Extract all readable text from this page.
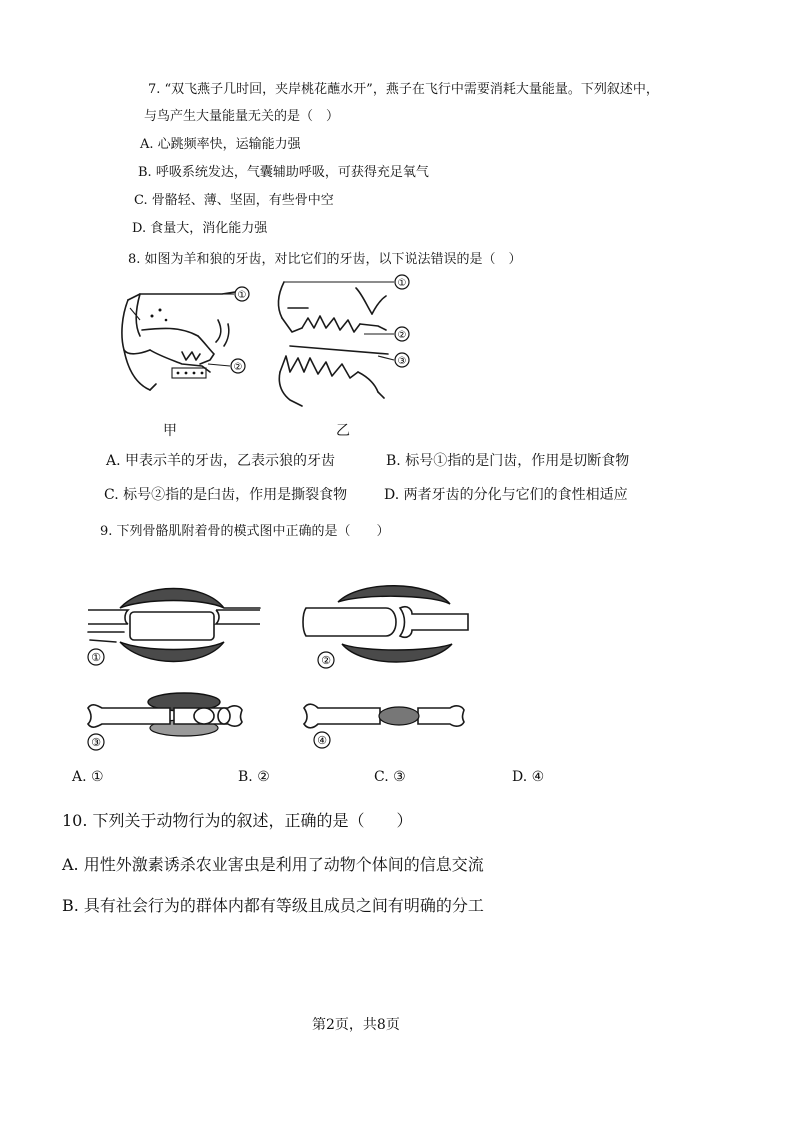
7. “双飞燕子几时回，夹岸桃花蘸水开”，燕子在飞行中需要消耗大量能量。下列叙述中，
与鸟产生大量能量无关的是（　）
A. 心跳频率快，运输能力强
B. 呼吸系统发达，气囊辅助呼吸，可获得充足氧气
C. 骨骼轻、薄、坚固，有些骨中空
D. 食量大，消化能力强
8. 如图为羊和狼的牙齿，对比它们的牙齿，以下说法错误的是（　）
①
②
甲
①
②
③
乙
A. 甲表示羊的牙齿，乙表示狼的牙齿	B. 标号①指的是门齿，作用是切断食物
C. 标号②指的是臼齿，作用是撕裂食物	D. 两者牙齿的分化与它们的食性相适应
9. 下列骨骼肌附着骨的模式图中正确的是（　　）
①	②
③	④
A. ①	B. ②	C. ③	D. ④
10. 下列关于动物行为的叙述，正确的是（　　）
A. 用性外激素诱杀农业害虫是利用了动物个体间的信息交流
B. 具有社会行为的群体内都有等级且成员之间有明确的分工
第2页，共8页
